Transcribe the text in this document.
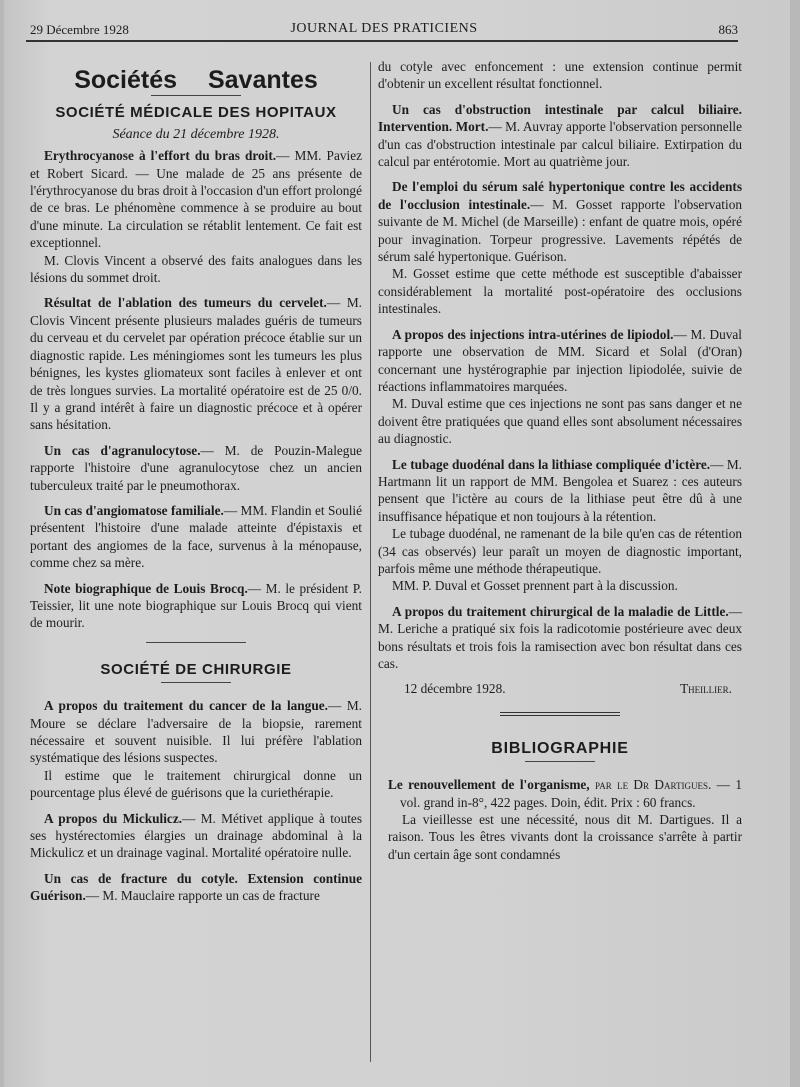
29 Décembre 1928	JOURNAL DES PRATICIENS	863
Sociétés Savantes
SOCIÉTÉ MÉDICALE DES HOPITAUX
Séance du 21 décembre 1928.

Erythrocyanose à l'effort du bras droit.— MM. Paviez et Robert Sicard. — Une malade de 25 ans présente de l'érythrocyanose du bras droit à l'occasion d'un effort prolongé de ce bras. Le phénomène commence à se produire au bout d'une minute. La circulation se rétablit lentement. Ce fait est exceptionnel.

M. Clovis Vincent a observé des faits analogues dans les lésions du sommet droit.

Résultat de l'ablation des tumeurs du cervelet.— M. Clovis Vincent présente plusieurs malades guéris de tumeurs du cerveau et du cervelet par opération précoce établie sur un diagnostic rapide. Les méningiomes sont les tumeurs les plus bénignes, les kystes gliomateux sont faciles à enlever et ont de très longues survies. La mortalité opératoire est de 25 0/0. Il y a grand intérêt à faire un diagnostic précoce et à opérer sans hésitation.

Un cas d'agranulocytose.— M. de Pouzin-Malegue rapporte l'histoire d'une agranulocytose chez un ancien tuberculeux traité par le pneumothorax.

Un cas d'angiomatose familiale.— MM. Flandin et Soulié présentent l'histoire d'une malade atteinte d'épistaxis et portant des angiomes de la face, survenus à la ménopause, comme chez sa mère.

Note biographique de Louis Brocq.— M. le président P. Teissier, lit une note biographique sur Louis Brocq qui vient de mourir.

SOCIÉTÉ DE CHIRURGIE

A propos du traitement du cancer de la langue.— M. Moure se déclare l'adversaire de la biopsie, rarement nécessaire et souvent nuisible. Il lui préfère l'ablation systématique des lésions suspectes.

Il estime que le traitement chirurgical donne un pourcentage plus élevé de guérisons que la curiethérapie.

A propos du Mickulicz.— M. Métivet applique à toutes ses hystérectomies élargies un drainage abdominal à la Mickulicz et un drainage vaginal. Mortalité opératoire nulle.

Un cas de fracture du cotyle. Extension continue Guérison.— M. Mauclaire rapporte un cas de fracture

du cotyle avec enfoncement : une extension continue permit d'obtenir un excellent résultat fonctionnel.

Un cas d'obstruction intestinale par calcul biliaire. Intervention. Mort.— M. Auvray apporte l'observation personnelle d'un cas d'obstruction intestinale par calcul biliaire. Extirpation du calcul par entérotomie. Mort au quatrième jour.

De l'emploi du sérum salé hypertonique contre les accidents de l'occlusion intestinale.— M. Gosset rapporte l'observation suivante de M. Michel (de Marseille) : enfant de quatre mois, opéré pour invagination. Torpeur progressive. Lavements répétés de sérum salé hypertonique. Guérison.

M. Gosset estime que cette méthode est susceptible d'abaisser considérablement la mortalité post-opératoire des occlusions intestinales.

A propos des injections intra-utérines de lipiodol.— M. Duval rapporte une observation de MM. Sicard et Solal (d'Oran) concernant une hystérographie par injection lipiodolée, suivie de réactions inflammatoires marquées.

M. Duval estime que ces injections ne sont pas sans danger et ne doivent être pratiquées que quand elles sont absolument nécessaires au diagnostic.

Le tubage duodénal dans la lithiase compliquée d'ictère.— M. Hartmann lit un rapport de MM. Bengolea et Suarez : ces auteurs pensent que l'ictère au cours de la lithiase peut être dû à une insuffisance hépatique et non toujours à la rétention.

Le tubage duodénal, ne ramenant de la bile qu'en cas de rétention (34 cas observés) leur paraît un moyen de diagnostic important, parfois même une méthode thérapeutique.

MM. P. Duval et Gosset prennent part à la discussion.

A propos du traitement chirurgical de la maladie de Little.— M. Leriche a pratiqué six fois la radicotomie postérieure avec deux bons résultats et trois fois la ramisection avec bon résultat dans ces cas.

12 décembre 1928.	Theillier.
BIBLIOGRAPHIE

Le renouvellement de l'organisme, par le Dr Dartigues. — 1 vol. grand in-8°, 422 pages. Doin, édit. Prix : 60 francs.

La vieillesse est une nécessité, nous dit M. Dartigues. Il a raison. Tous les êtres vivants dont la croissance s'arrête à partir d'un certain âge sont condamnés
